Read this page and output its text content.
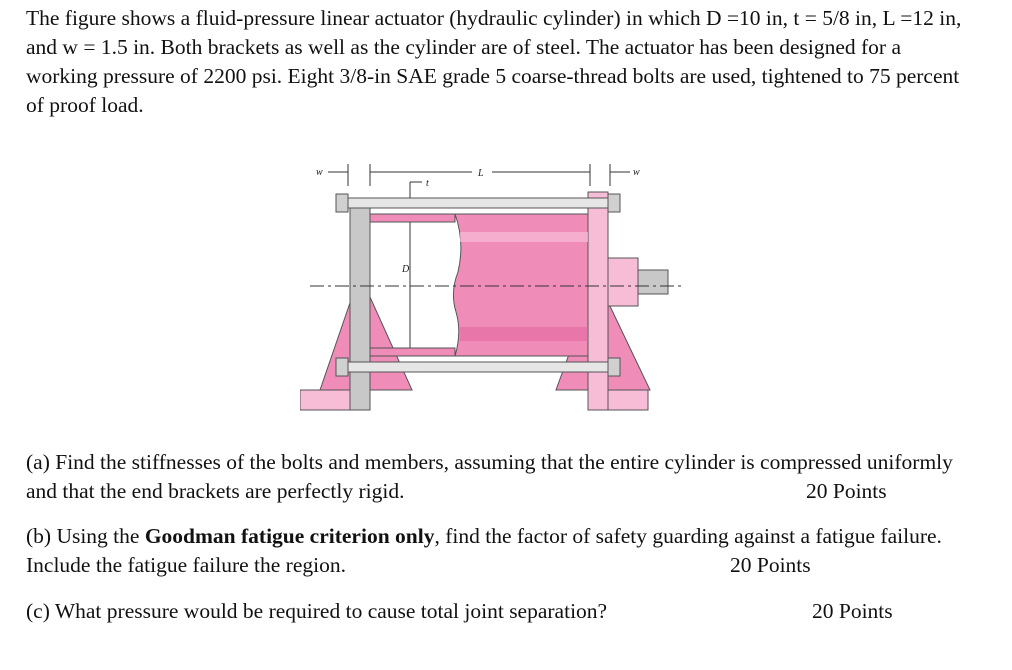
The figure shows a fluid-pressure linear actuator (hydraulic cylinder) in which D =10 in, t = 5/8 in, L =12 in, and w = 1.5 in. Both brackets as well as the cylinder are of steel. The actuator has been designed for a working pressure of 2200 psi. Eight 3/8-in SAE grade 5 coarse-thread bolts are used, tightened to 75 percent of proof load.
w	L	w
t
D
(a) Find the stiffnesses of the bolts and members, assuming that the entire cylinder is compressed uniformly and that the end brackets are perfectly rigid.	20 Points
(b) Using the Goodman fatigue criterion only, find the factor of safety guarding against a fatigue failure. Include the fatigue failure the region.	20 Points
(c) What pressure would be required to cause total joint separation?	20 Points
